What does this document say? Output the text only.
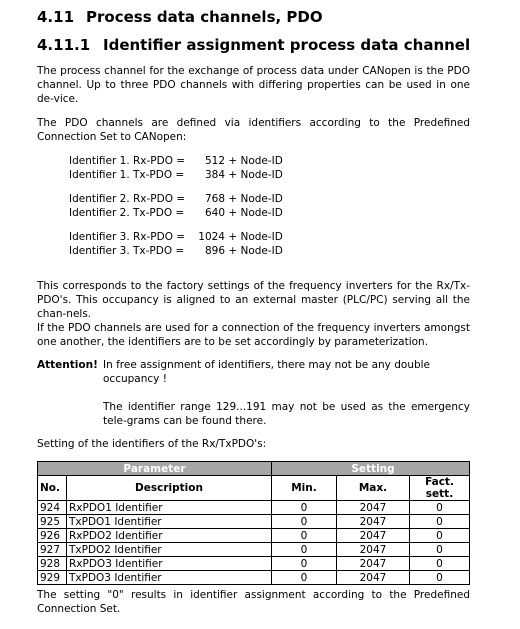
4.11 Process data channels, PDO
4.11.1 Identifier assignment process data channel
The process channel for the exchange of process data under CANopen is the PDO channel. Up to three PDO channels with differing properties can be used in one de-vice.
The PDO channels are defined via identifiers according to the Predefined Connection Set to CANopen:
Identifier 1. Rx-PDO = 512 + Node-ID
Identifier 1. Tx-PDO = 384 + Node-ID
Identifier 2. Rx-PDO = 768 + Node-ID
Identifier 2. Tx-PDO = 640 + Node-ID
Identifier 3. Rx-PDO = 1024 + Node-ID
Identifier 3. Tx-PDO = 896 + Node-ID
This corresponds to the factory settings of the frequency inverters for the Rx/Tx-PDO's. This occupancy is aligned to an external master (PLC/PC) serving all the chan-nels.
If the PDO channels are used for a connection of the frequency inverters amongst one another, the identifiers are to be set accordingly by parameterization.
Attention! In free assignment of identifiers, there may not be any double occupancy !
The identifier range 129...191 may not be used as the emergency tele-grams can be found there.
Setting of the identifiers of the Rx/TxPDO's:
Parameter			Setting	
No.	Description	Min.	Max.	Fact. sett.
924	RxPDO1 Identifier	0	2047	0
925	TxPDO1 Identifier	0	2047	0
926	RxPDO2 Identifier	0	2047	0
927	TxPDO2 Identifier	0	2047	0
928	RxPDO3 Identifier	0	2047	0
929	TxPDO3 Identifier	0	2047	0
The setting "0" results in identifier assignment according to the Predefined Connection Set.
